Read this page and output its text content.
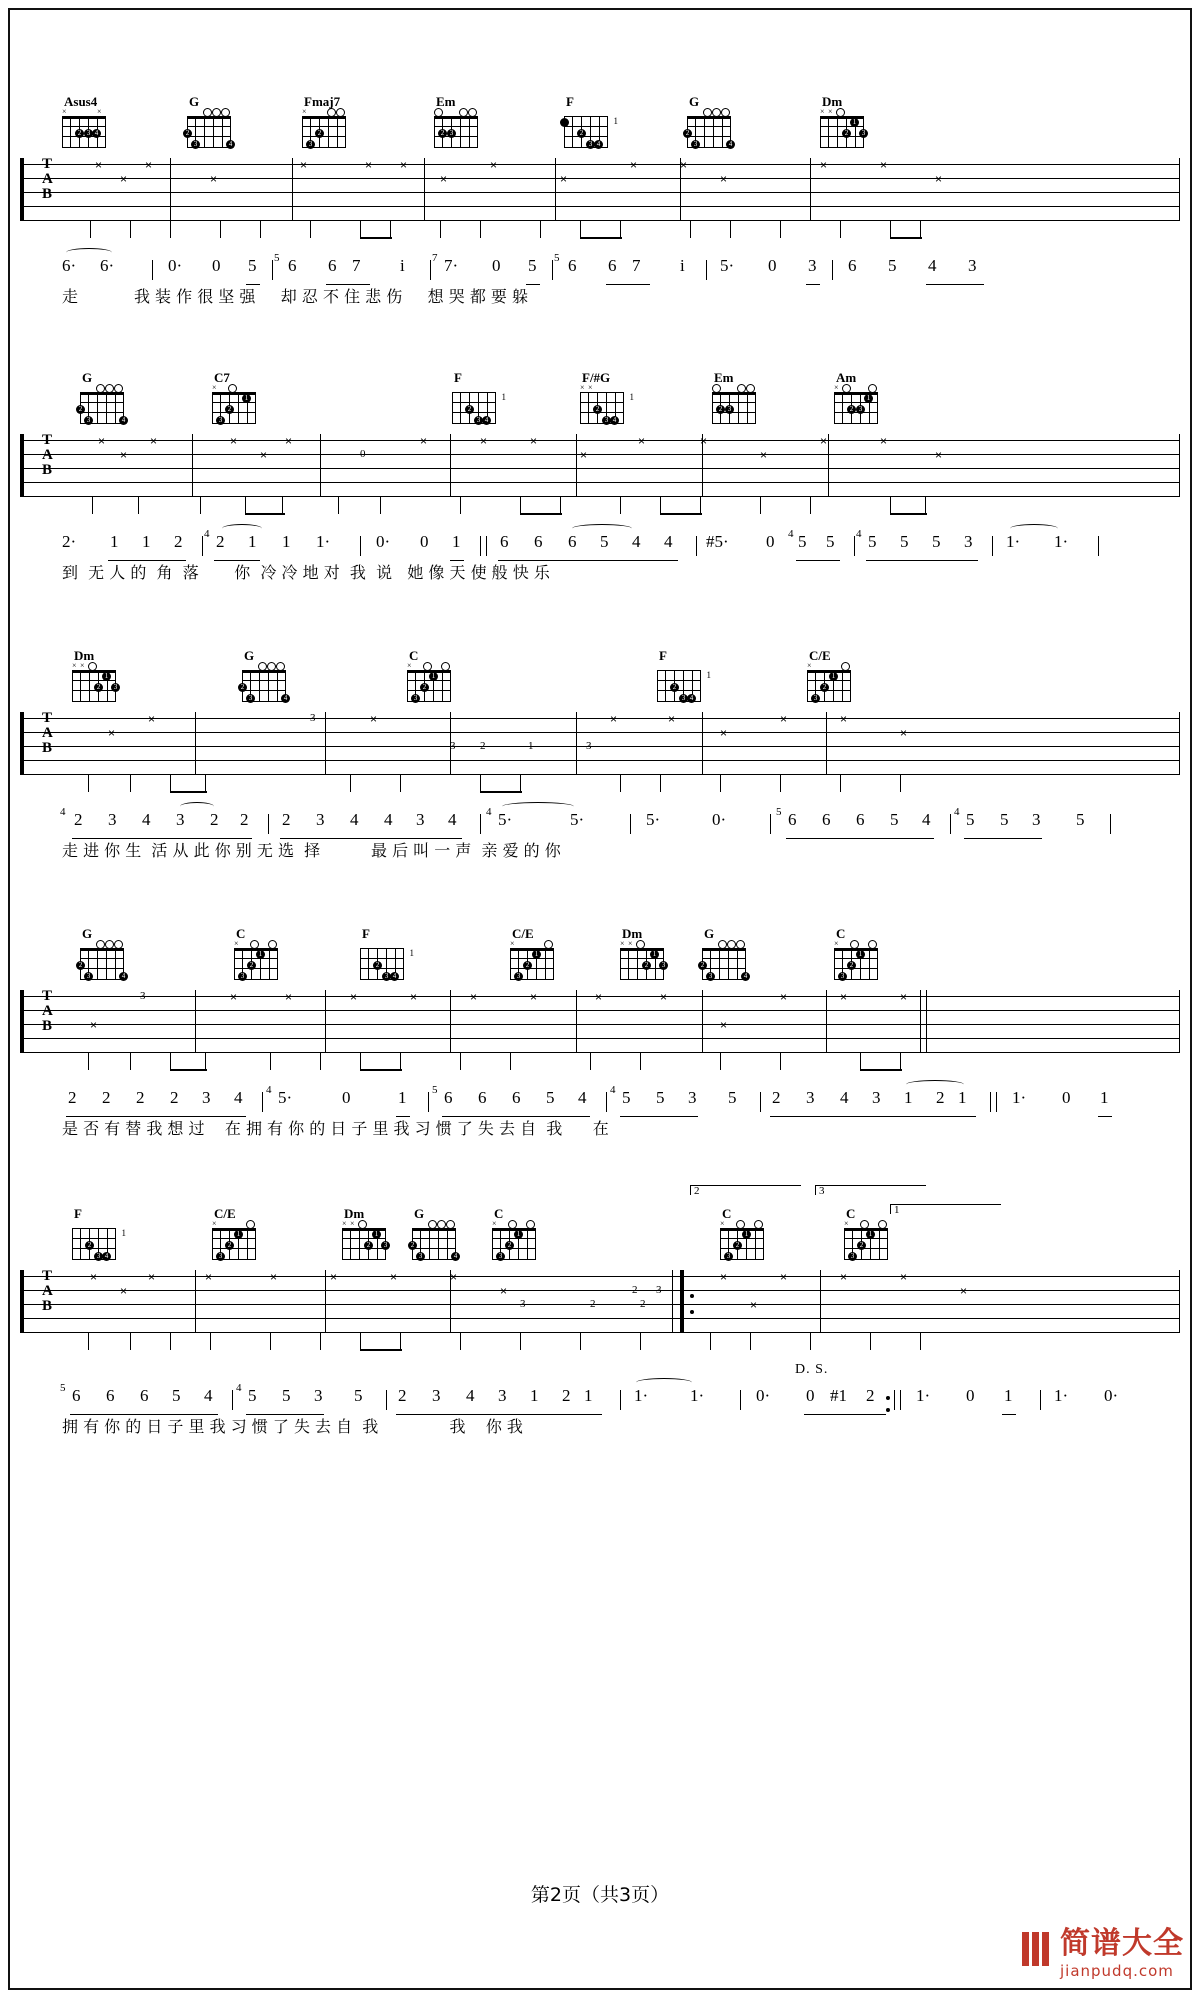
Asus4
×	×
2 3 4
G
2
3	4
Fmaj7
×
2
3
Em
2 3
F
1
2
3 4
G
2
3	4
Dm
× ×
1
2	3
T
A
B
×	×
×	×
×	× ×
×
×
×
×	×
×
×	×
×
6· 6·	0· 0 5 5 6 6 7 i 7 7· 0 5 5 6 6 7 i 5· 0 3 6 5 4 3
走           我 装 作 很 坚 强     却 忍 不 住 悲 伤     想 哭 都 要 躲
G
2
3	4
C7
×
1
2
3
F
1
2
3 4
F/#G
× ×
1
2
3 4
Em
2 3
Am
×
1
2 3
T
A
B
×	×
×
×	×
×	0
×	×	×
×
×	×
×
×	×
×
2· 1 1 2 4 2 1 1 1·	0· 0 1 6 6 6 5 4 4 #5· 0 4 5 5 4 5 5 5 3 1· 1·
到  无 人 的  角  落       你  冷 冷 地 对  我  说   她 像 天 使 般 快 乐
Dm
× ×
1
2	3
G
2
3	4
C
×
1
2
3
F
1
2
3 4
C/E
×
1
2
3
T
A
B
×
×
3	×
3 2	1	3
×	×
×
×	×
×
4 2 3 4 3 2 2 2 3 4 4 3 4	4 5·	5·	5·	0·	5 6 6 6 5 4 4 5 5 3 5
走 进 你 生  活 从 此 你 别 无 选  择          最 后 叫 一 声  亲 爱 的 你
G
2
3	4
C
×
1
2
3
F
1
2
3 4
C/E
×
1
2
3
Dm
× ×
1
2	3
G
2
3	4
C
×
1
2
3
T
A
B
3
×
×	×	×	×	×	×	×	×
×
×	×	×
2 2 2 2 3 4 4 5·	0	1 5 6 6 6 5 4 4 5 5 3 5 2 3 4 3 1 2 1	1· 0 1
是 否 有 替 我 想 过    在 拥 有 你 的 日 子 里 我 习 惯 了 失 去 自  我      在
F
1
2
3 4
C/E
×
1
2
3
Dm
× ×
1
2	3
G
2
3	4
C
×
1
2
3
C
×
1
2
3
C
×
1
2
3
1
T
A
B
×	×
×
×	×	×	×	×
3	2	2
2 3
×
×	×
×
×	×
×
D. S.
5 6 6 6 5 4 4 5 5 3 5 2 3 4 3 1 2 1 1· 1·	0· 0 #1 2 1· 0 1 1· 0·
拥 有 你 的 日 子 里 我 习 惯 了 失 去 自  我              我    你 我
2	3
第2页（共3页）
简谱大全
jianpudq.com
